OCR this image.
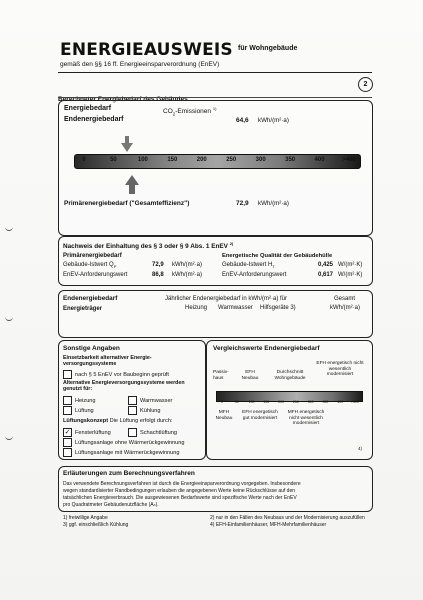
ENERGIEAUSWEIS für Wohngebäude
gemäß den §§ 16 ff. Energieeinsparverordnung (EnEV)
2
Berechneter Energiebedarf des Gebäudes
Energiebedarf
Endenergiebedarf
$CO_2$-Emissionen $^{1)}$
64,6 kWh/(m²·a)
0	50	100	150	200	250	300	350	400	>400
Primärenergiebedarf ("Gesamteffizienz")	72,9 kWh/(m²·a)
Nachweis der Einhaltung des § 3 oder § 9 Abs. 1 EnEV $^{2)}$
Primärenergiebedarf
Gebäude-Istwert $Q_P$	72,9 kWh/(m²·a)
EnEV-Anforderungswert	86,8 kWh/(m²·a)
Energetische Qualität der Gebäudehülle
Gebäude-Istwert $H_T$	0,425 W/(m²·K)
EnEV-Anforderungswert	0,617 W/(m²·K)
Endenergiebedarf	Jährlicher Endenergiebedarf in kWh/(m²·a) für
Energieträger	Heizung Warmwasser Hilfsgeräte 3)
Gesamt
kWh/(m²·a)
Sonstige Angaben
Einsetzbarkeit alternativer Energie-versorgungssysteme
nach § 5 EnEV vor Baubeginn geprüft
Alternative Energieversorgungssysteme werden genutzt für:
Heizung	Warmwasser
Lüftung	Kühlung
Lüftungskonzept Die Lüftung erfolgt durch:
✓Fensterlüftung	Schachtlüftung
Lüftungsanlage ohne Wärmerückgewinnung
Lüftungsanlage mit Wärmerückgewinnung
Vergleichswerte Endenergiebedarf
Passiv-haus
EFH Neubau
Durchschnitt Wohngebäude
EFH energetisch nicht wesentlich modernisiert
0	50	100	150	200	250	300	350	400 >400
MFH Neubau
EFH energetisch gut modernisiert
MFH energetisch nicht wesentlich modernisiert
4)
Erläuterungen zum Berechnungsverfahren
Das verwendete Berechnungsverfahren ist durch die Energieeinsparverordnung vorgegeben. Insbesondere
wegen standardisierter Randbedingungen erlauben die angegebenen Werte keine Rückschlüsse auf den
tatsächlichen Energieverbrauch. Die ausgewiesenen Bedarfswerte sind spezifische Werte nach der EnEV
pro Quadratmeter Gebäudenutzfläche (Aₙ).
1) freiwillige Angabe	2) nur in den Fällen des Neubaus und der Modernisierung auszufüllen
3) ggf. einschließlich Kühlung	4) EFH-Einfamilienhäuser, MFH-Mehrfamilienhäuser
